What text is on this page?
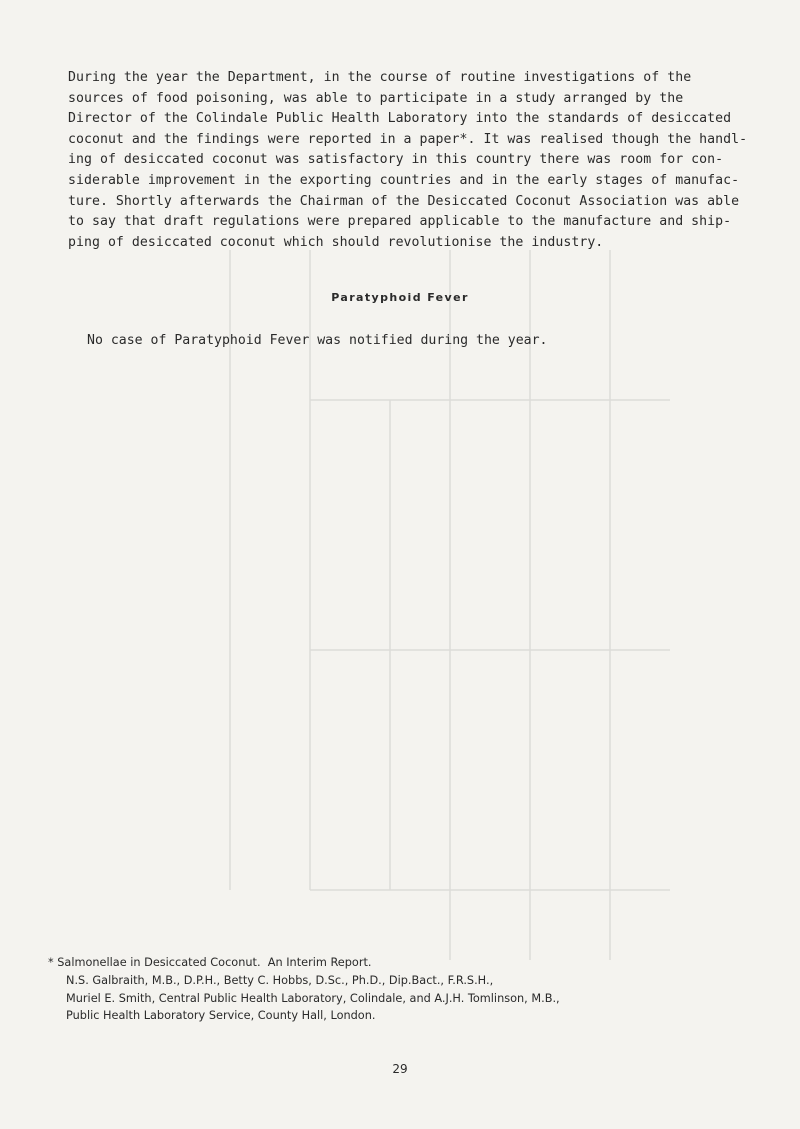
During the year the Department, in the course of routine investigations of the
sources of food poisoning, was able to participate in a study arranged by the
Director of the Colindale Public Health Laboratory into the standards of desiccated
coconut and the findings were reported in a paper*. It was realised though the handl-
ing of desiccated coconut was satisfactory in this country there was room for con-
siderable improvement in the exporting countries and in the early stages of manufac-
ture. Shortly afterwards the Chairman of the Desiccated Coconut Association was able
to say that draft regulations were prepared applicable to the manufacture and ship-
ping of desiccated coconut which should revolutionise the industry.
Paratyphoid Fever
No case of Paratyphoid Fever was notified during the year.
* Salmonellae in Desiccated Coconut.  An Interim Report.
N.S. Galbraith, M.B., D.P.H., Betty C. Hobbs, D.Sc., Ph.D., Dip.Bact., F.R.S.H.,
Muriel E. Smith, Central Public Health Laboratory, Colindale, and A.J.H. Tomlinson, M.B.,
Public Health Laboratory Service, County Hall, London.
29
